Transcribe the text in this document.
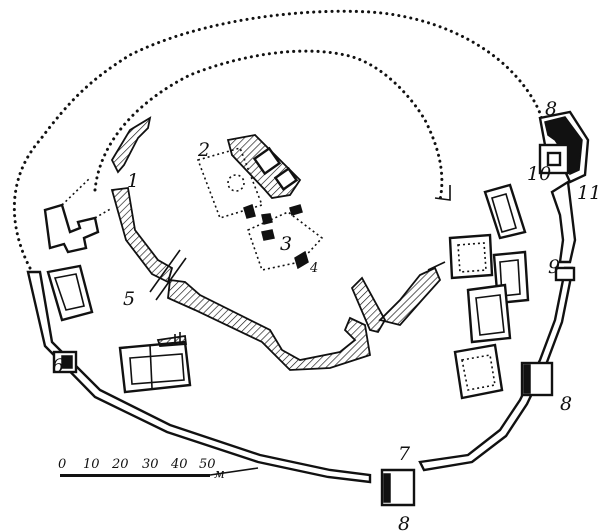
1
2
3
4
5
6
7
8
8
8
9
10
11
0 10 20 30 40 50
м
